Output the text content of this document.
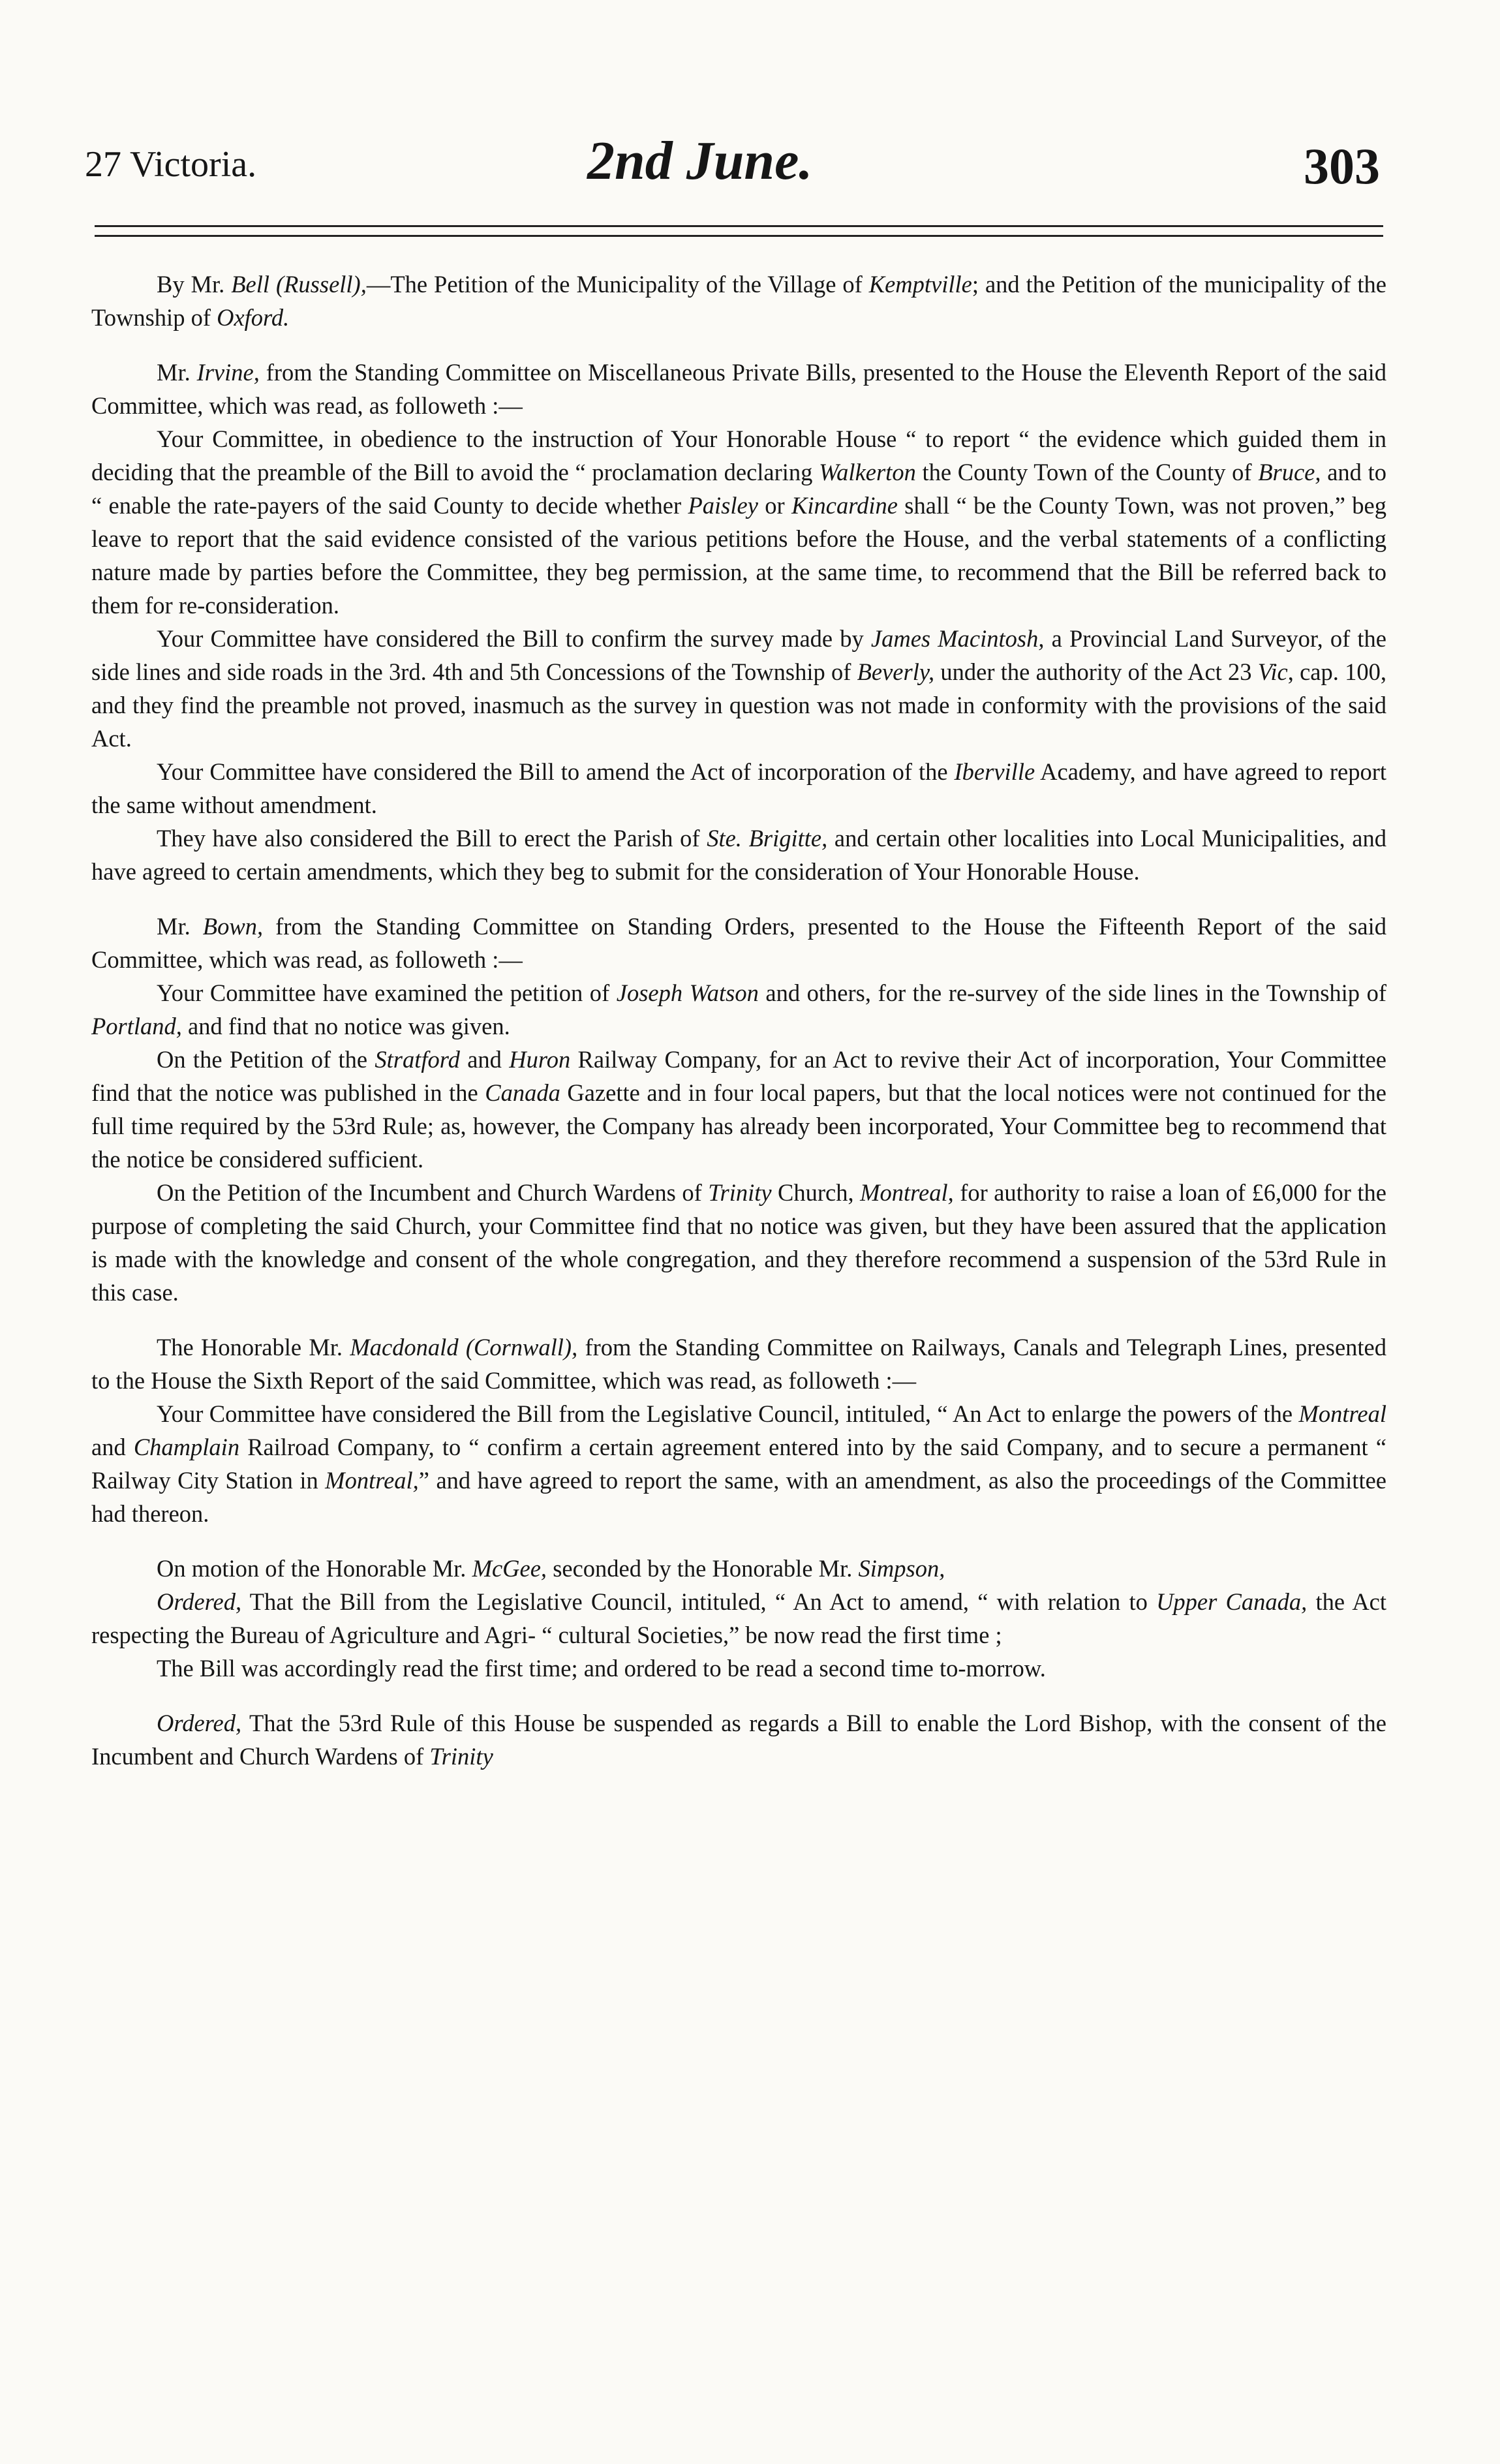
27 Victoria.	2nd June.	303

By Mr. Bell (Russell),—The Petition of the Municipality of the Village of Kemptville; and the Petition of the municipality of the Township of Oxford.

Mr. Irvine, from the Standing Committee on Miscellaneous Private Bills, presented to the House the Eleventh Report of the said Committee, which was read, as followeth :—

Your Committee, in obedience to the instruction of Your Honorable House “ to report “ the evidence which guided them in deciding that the preamble of the Bill to avoid the “ proclamation declaring Walkerton the County Town of the County of Bruce, and to “ enable the rate-payers of the said County to decide whether Paisley or Kincardine shall “ be the County Town, was not proven,” beg leave to report that the said evidence consisted of the various petitions before the House, and the verbal statements of a conflicting nature made by parties before the Committee, they beg permission, at the same time, to recommend that the Bill be referred back to them for re-consideration.

Your Committee have considered the Bill to confirm the survey made by James Macintosh, a Provincial Land Surveyor, of the side lines and side roads in the 3rd. 4th and 5th Concessions of the Township of Beverly, under the authority of the Act 23 Vic, cap. 100, and they find the preamble not proved, inasmuch as the survey in question was not made in conformity with the provisions of the said Act.

Your Committee have considered the Bill to amend the Act of incorporation of the Iberville Academy, and have agreed to report the same without amendment.

They have also considered the Bill to erect the Parish of Ste. Brigitte, and certain other localities into Local Municipalities, and have agreed to certain amendments, which they beg to submit for the consideration of Your Honorable House.

Mr. Bown, from the Standing Committee on Standing Orders, presented to the House the Fifteenth Report of the said Committee, which was read, as followeth :—

Your Committee have examined the petition of Joseph Watson and others, for the re-survey of the side lines in the Township of Portland, and find that no notice was given.

On the Petition of the Stratford and Huron Railway Company, for an Act to revive their Act of incorporation, Your Committee find that the notice was published in the Canada Gazette and in four local papers, but that the local notices were not continued for the full time required by the 53rd Rule; as, however, the Company has already been incorporated, Your Committee beg to recommend that the notice be considered sufficient.

On the Petition of the Incumbent and Church Wardens of Trinity Church, Montreal, for authority to raise a loan of £6,000 for the purpose of completing the said Church, your Committee find that no notice was given, but they have been assured that the application is made with the knowledge and consent of the whole congregation, and they therefore recommend a suspension of the 53rd Rule in this case.

The Honorable Mr. Macdonald (Cornwall), from the Standing Committee on Railways, Canals and Telegraph Lines, presented to the House the Sixth Report of the said Committee, which was read, as followeth :—

Your Committee have considered the Bill from the Legislative Council, intituled, “ An Act to enlarge the powers of the Montreal and Champlain Railroad Company, to “ confirm a certain agreement entered into by the said Company, and to secure a permanent “ Railway City Station in Montreal,” and have agreed to report the same, with an amendment, as also the proceedings of the Committee had thereon.

On motion of the Honorable Mr. McGee, seconded by the Honorable Mr. Simpson,

Ordered, That the Bill from the Legislative Council, intituled, “ An Act to amend, “ with relation to Upper Canada, the Act respecting the Bureau of Agriculture and Agri- “ cultural Societies,” be now read the first time ;

The Bill was accordingly read the first time; and ordered to be read a second time to-morrow.

Ordered, That the 53rd Rule of this House be suspended as regards a Bill to enable the Lord Bishop, with the consent of the Incumbent and Church Wardens of Trinity
